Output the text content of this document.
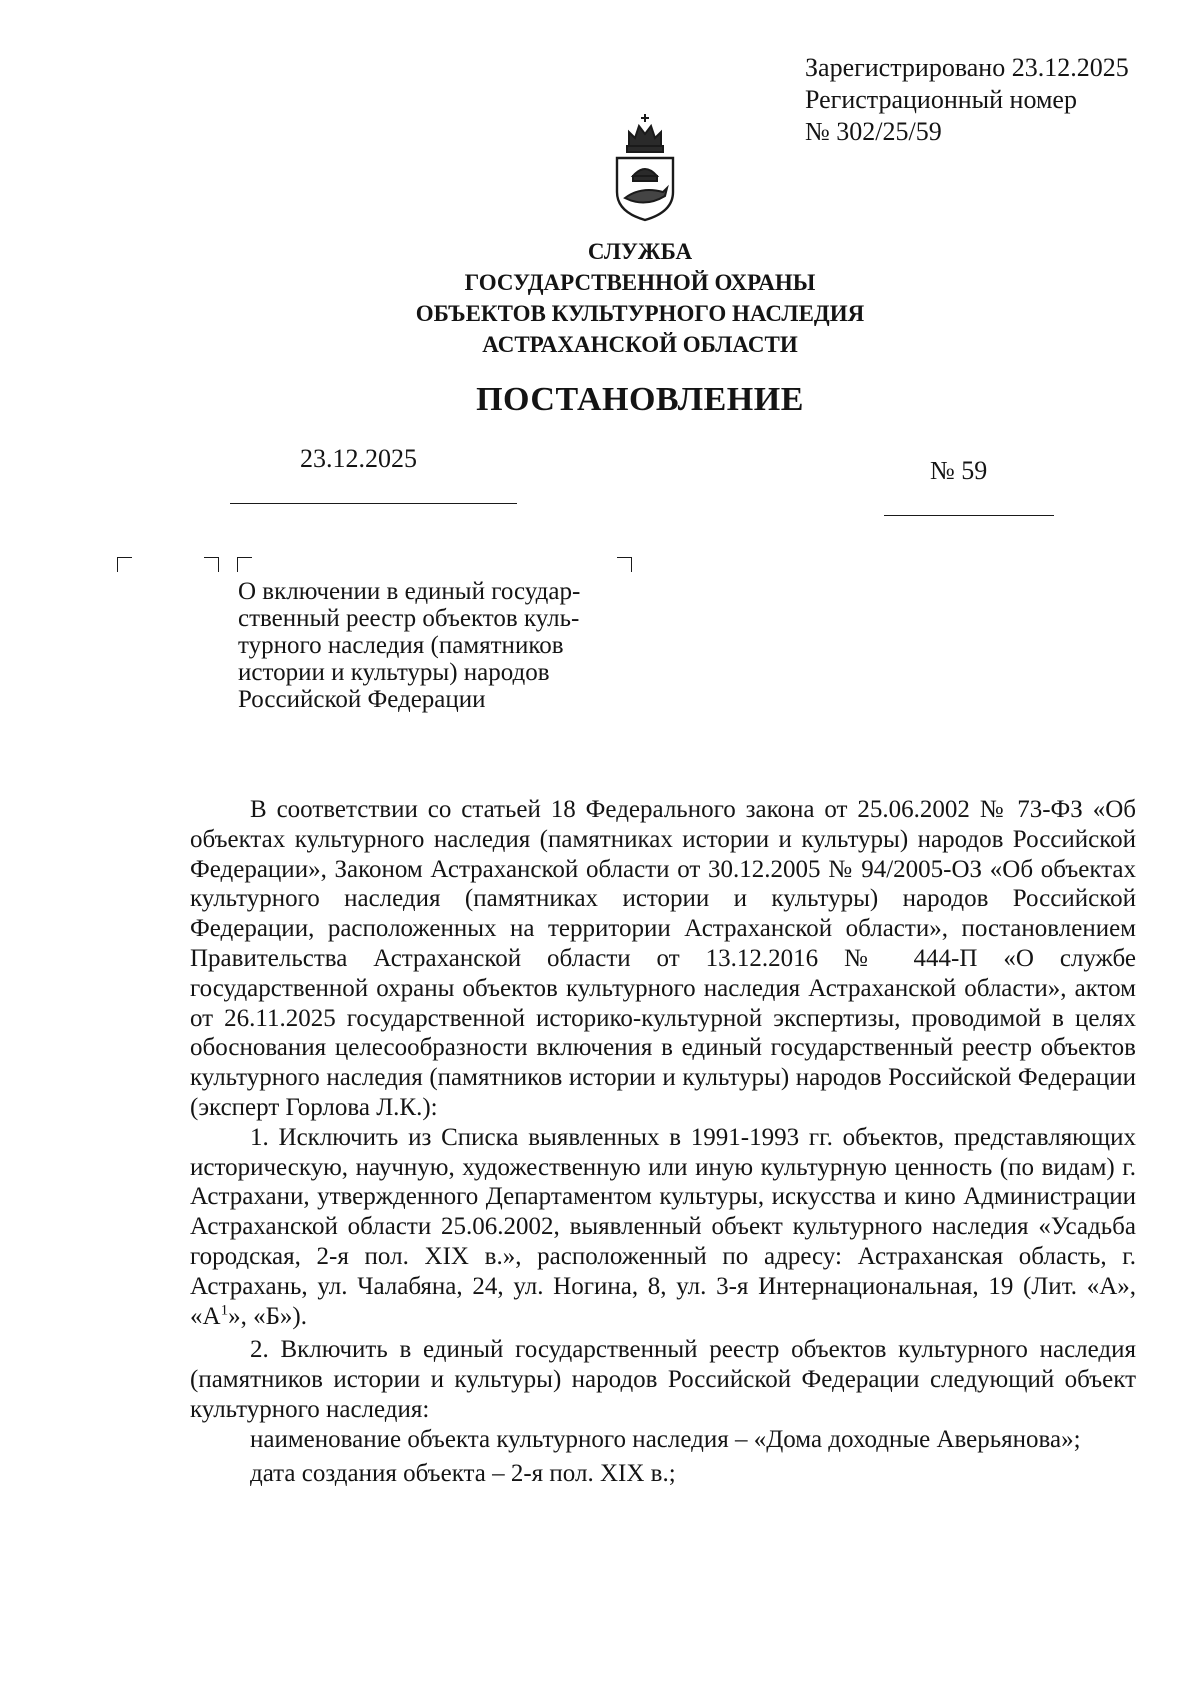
Зарегистрировано 23.12.2025
Регистрационный номер
№ 302/25/59
СЛУЖБА
ГОСУДАРСТВЕННОЙ ОХРАНЫ
ОБЪЕКТОВ КУЛЬТУРНОГО НАСЛЕДИЯ
АСТРАХАНСКОЙ ОБЛАСТИ
ПОСТАНОВЛЕНИЕ
23.12.2025	№ 59
О включении в единый государ-
ственный реестр объектов куль-
турного наследия (памятников
истории и культуры) народов
Российской Федерации

В соответствии со статьей 18 Федерального закона от 25.06.2002 № 73-ФЗ «Об объектах культурного наследия (памятниках истории и культуры) народов Российской Федерации», Законом Астраханской области от 30.12.2005 № 94/2005-ОЗ «Об объектах культурного наследия (памятниках истории и культуры) народов Российской Федерации, расположенных на территории Астраханской области», постановлением Правительства Астраханской области от 13.12.2016 № 444-П «О службе государственной охраны объектов культурного наследия Астраханской области», актом от 26.11.2025 государственной историко-культурной экспертизы, проводимой в целях обоснования целесообразности включения в единый государственный реестр объектов культурного наследия (памятников истории и культуры) народов Российской Федерации (эксперт Горлова Л.К.):

1. Исключить из Списка выявленных в 1991-1993 гг. объектов, представляющих историческую, научную, художественную или иную культурную ценность (по видам) г. Астрахани, утвержденного Департаментом культуры, искусства и кино Администрации Астраханской области 25.06.2002, выявленный объект культурного наследия «Усадьба городская, 2-я пол. XIX в.», расположенный по адресу: Астраханская область, г. Астрахань, ул. Чалабяна, 24, ул. Ногина, 8, ул. 3-я Интернациональная, 19 (Лит. «А», «$А^1$», «Б»).

2. Включить в единый государственный реестр объектов культурного наследия (памятников истории и культуры) народов Российской Федерации следующий объект культурного наследия:

наименование объекта культурного наследия – «Дома доходные Аверьянова»;

дата создания объекта – 2-я пол. XIX в.;
